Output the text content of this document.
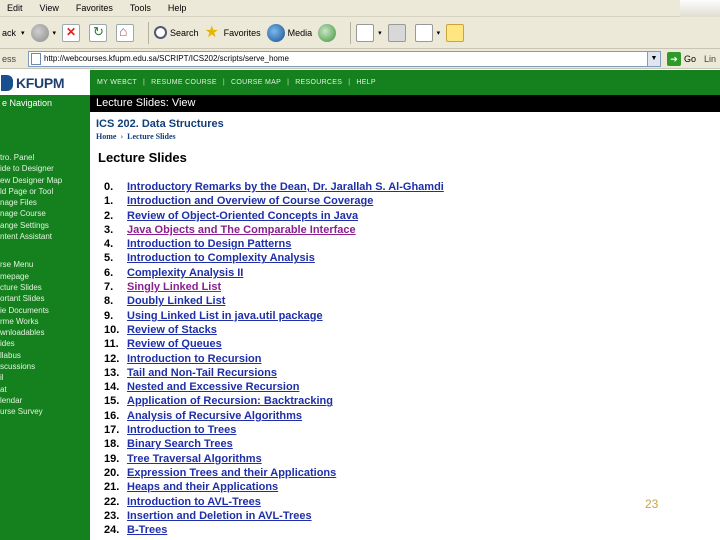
Edit View Favorites Tools Help
ack ▾	▾ ✕ ↻ ⌂	Search ★	Favorites	Media	▾	▾
ess	http://webcourses.kfupm.edu.sa/SCRIPT/ICS202/scripts/serve_home	▼	➔ Go Lin
KFUPM	MY WEBCT | RESUME COURSE | COURSE MAP | RESOURCES | HELP
e Navigation	Lecture Slides: View
tro. Panel
ide to Designer
ew Designer Map
ld Page or Tool
nage Files
nage Course
ange Settings
ntent Assistant
rse Menu
mepage
cture Slides
ortant Slides
ie Documents
rme Works
wnloadables
ides
llabus
scussions
il
at
lendar
urse Survey
ICS 202. Data Structures
Home › Lecture Slides
Lecture Slides
0.	Introductory Remarks by the Dean, Dr. Jarallah S. Al-Ghamdi
1.	Introduction and Overview of Course Coverage
2.	Review of Object-Oriented Concepts in Java
3.	Java Objects and The Comparable Interface
4.	Introduction to Design Patterns
5.	Introduction to Complexity Analysis
6.	Complexity Analysis II
7.	Singly Linked List
8.	Doubly Linked List
9.	Using Linked List in java.util package
10. Review of Stacks
11. Review of Queues
12. Introduction to Recursion
13. Tail and Non-Tail Recursions
14. Nested and Excessive Recursion
15. Application of Recursion: Backtracking
16. Analysis of Recursive Algorithms
17. Introduction to Trees
18. Binary Search Trees
19. Tree Traversal Algorithms
20. Expression Trees and their Applications
21. Heaps and their Applications
22. Introduction to AVL-Trees
23. Insertion and Deletion in AVL-Trees
24. B-Trees
23
